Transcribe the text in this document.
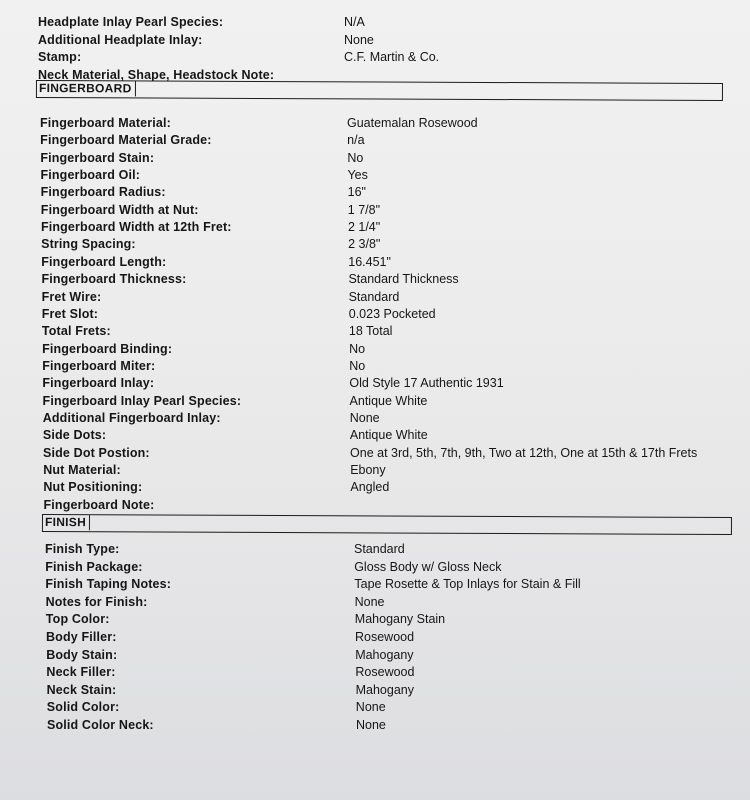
Headplate Inlay Pearl Species:	N/A
Additional Headplate Inlay:	None
Stamp:	C.F. Martin & Co.
Neck Material, Shape, Headstock Note:
FINGERBOARD
Fingerboard Material:	Guatemalan Rosewood
Fingerboard Material Grade:	n/a
Fingerboard Stain:	No
Fingerboard Oil:	Yes
Fingerboard Radius:	16"
Fingerboard Width at Nut:	1 7/8"
Fingerboard Width at 12th Fret:	2 1/4"
String Spacing:	2 3/8"
Fingerboard Length:	16.451"
Fingerboard Thickness:	Standard Thickness
Fret Wire:	Standard
Fret Slot:	0.023 Pocketed
Total Frets:	18 Total
Fingerboard Binding:	No
Fingerboard Miter:	No
Fingerboard Inlay:	Old Style 17 Authentic 1931
Fingerboard Inlay Pearl Species:	Antique White
Additional Fingerboard Inlay:	None
Side Dots:	Antique White
Side Dot Postion:	One at 3rd, 5th, 7th, 9th, Two at 12th, One at 15th & 17th Frets
Nut Material:	Ebony
Nut Positioning:	Angled
Fingerboard Note:
FINISH
Finish Type:	Standard
Finish Package:	Gloss Body w/ Gloss Neck
Finish Taping Notes:	Tape Rosette & Top Inlays for Stain & Fill
Notes for Finish:	None
Top Color:	Mahogany Stain
Body Filler:	Rosewood
Body Stain:	Mahogany
Neck Filler:	Rosewood
Neck Stain:	Mahogany
Solid Color:	None
Solid Color Neck:	None
